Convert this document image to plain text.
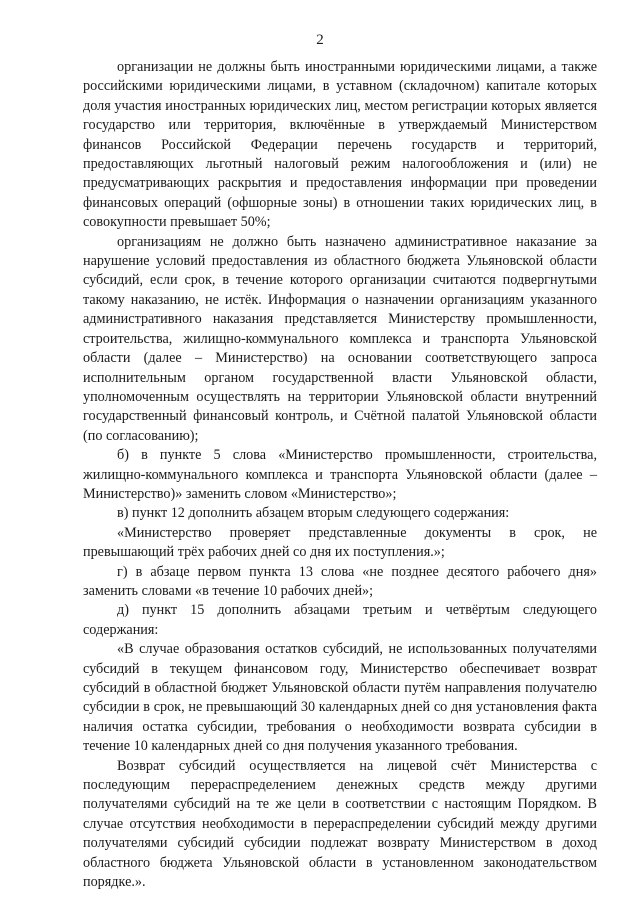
2

организации не должны быть иностранными юридическими лицами, а также российскими юридическими лицами, в уставном (складочном) капитале которых доля участия иностранных юридических лиц, местом регистрации которых является государство или территория, включённые в утверждаемый Министерством финансов Российской Федерации перечень государств и территорий, предоставляющих льготный налоговый режим налогообложения и (или) не предусматривающих раскрытия и предоставления информации при проведении финансовых операций (офшорные зоны) в отношении таких юридических лиц, в совокупности превышает 50%;

организациям не должно быть назначено административное наказание за нарушение условий предоставления из областного бюджета Ульяновской области субсидий, если срок, в течение которого организации считаются подвергнутыми такому наказанию, не истёк. Информация о назначении организациям указанного административного наказания представляется Министерству промышленности, строительства, жилищно-коммунального комплекса и транспорта Ульяновской области (далее – Министерство) на основании соответствующего запроса исполнительным органом государственной власти Ульяновской области, уполномоченным осуществлять на территории Ульяновской области внутренний государственный финансовый контроль, и Счётной палатой Ульяновской области (по согласованию);

б) в пункте 5 слова «Министерство промышленности, строительства, жилищно-коммунального комплекса и транспорта Ульяновской области (далее – Министерство)» заменить словом «Министерство»;

в) пункт 12 дополнить абзацем вторым следующего содержания:

«Министерство проверяет представленные документы в срок, не превышающий трёх рабочих дней со дня их поступления.»;

г) в абзаце первом пункта 13 слова «не позднее десятого рабочего дня» заменить словами «в течение 10 рабочих дней»;

д) пункт 15 дополнить абзацами третьим и четвёртым следующего содержания:

«В случае образования остатков субсидий, не использованных получателями субсидий в текущем финансовом году, Министерство обеспечивает возврат субсидий в областной бюджет Ульяновской области путём направления получателю субсидии в срок, не превышающий 30 календарных дней со дня установления факта наличия остатка субсидии, требования о необходимости возврата субсидии в течение 10 календарных дней со дня получения указанного требования.

Возврат субсидий осуществляется на лицевой счёт Министерства с последующим перераспределением денежных средств между другими получателями субсидий на те же цели в соответствии с настоящим Порядком. В случае отсутствия необходимости в перераспределении субсидий между другими получателями субсидий субсидии подлежат возврату Министерством в доход областного бюджета Ульяновской области в установленном законодательством порядке.».
